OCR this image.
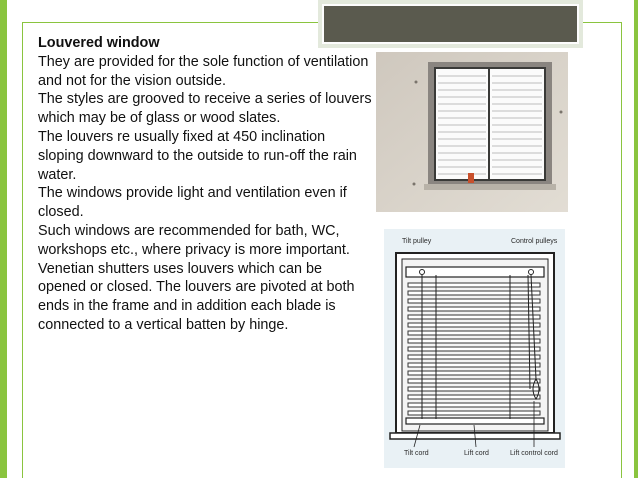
Louvered window

They are provided for the sole function of ventilation and not for the vision outside.

The styles are grooved to receive a series of louvers which may be of glass or wood slates.

The louvers re usually fixed at 450 inclination sloping downward to the outside to run-off the rain water.

The windows provide light and ventilation even if closed.

Such windows are recommended for bath, WC, workshops etc., where privacy is more important.

Venetian shutters uses louvers which can be opened or closed. The louvers are pivoted at both ends in the frame and in addition each blade is connected to a vertical batten by hinge.

Tilt pulley	Control pulleys
Tilt cord	Lift cord	Lift control cord
